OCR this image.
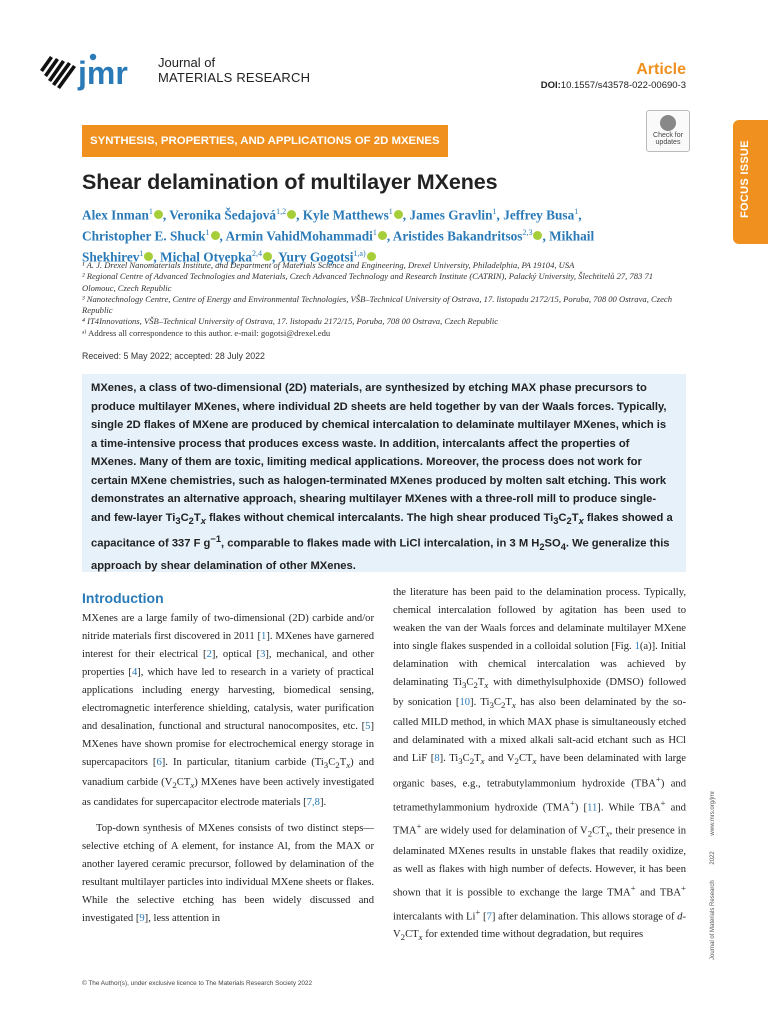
jmr Journal of
MATERIALS RESEARCH	Article
DOI:10.1557/s43578-022-00690-3
SYNTHESIS, PROPERTIES, AND APPLICATIONS OF 2D MXENES	Check for
updates	FOCUS ISSUE
Shear delamination of multilayer MXenes
Alex Inman$^1$ , Veronika Šedajová$^{1,2}$ , Kyle Matthews$^1$ , James Gravlin$^1$, Jeffrey Busa$^1$, Christopher E. Shuck$^1$ , Armin VahidMohammadi$^1$ , Aristides Bakandritsos$^{2,3}$ , Mikhail Shekhirev$^1$ , Michal Otyepka$^{2,4}$ , Yury Gogotsi$^{1,a)}$

¹ A. J. Drexel Nanomaterials Institute, and Department of Materials Science and Engineering, Drexel University, Philadelphia, PA 19104, USA

² Regional Centre of Advanced Technologies and Materials, Czech Advanced Technology and Research Institute (CATRIN), Palacký University, Šlechtitelů 27, 783 71 Olomouc, Czech Republic

³ Nanotechnology Centre, Centre of Energy and Environmental Technologies, VŠB–Technical University of Ostrava, 17. listopadu 2172/15, Poruba, 708 00 Ostrava, Czech Republic

⁴ IT4Innovations, VŠB–Technical University of Ostrava, 17. listopadu 2172/15, Poruba, 708 00 Ostrava, Czech Republic

ᵃ⁾ Address all correspondence to this author. e-mail: gogotsi@drexel.edu

Received: 5 May 2022; accepted: 28 July 2022
MXenes, a class of two-dimensional (2D) materials, are synthesized by etching MAX phase precursors to produce multilayer MXenes, where individual 2D sheets are held together by van der Waals forces. Typically, single 2D flakes of MXene are produced by chemical intercalation to delaminate multilayer MXenes, which is a time-intensive process that produces excess waste. In addition, intercalants affect the properties of MXenes. Many of them are toxic, limiting medical applications. Moreover, the process does not work for certain MXene chemistries, such as halogen-terminated MXenes produced by molten salt etching. This work demonstrates an alternative approach, shearing multilayer MXenes with a three-roll mill to produce single- and few-layer $Ti_3C_2T_x$ flakes without chemical intercalants. The high shear produced $Ti_3C_2T_x$ flakes showed a capacitance of 337 F $g^{-1}$, comparable to flakes made with LiCl intercalation, in 3 M $H_2SO_4$. We generalize this approach by shear delamination of other MXenes.
Introduction

MXenes are a large family of two-dimensional (2D) carbide and/or nitride materials first discovered in 2011 [1]. MXenes have garnered interest for their electrical [2], optical [3], mechanical, and other properties [4], which have led to research in a variety of practical applications including energy harvesting, biomedical sensing, electromagnetic interference shielding, catalysis, water purification and desalination, functional and structural nanocomposites, etc. [5] MXenes have shown promise for electrochemical energy storage in supercapacitors [6]. In particular, titanium carbide $(Ti_3C_2T_x)$ and vanadium carbide $(V_2CT_x)$ MXenes have been actively investigated as candidates for supercapacitor electrode materials [7,8].

Top-down synthesis of MXenes consists of two distinct steps—selective etching of A element, for instance Al, from the MAX or another layered ceramic precursor, followed by delamination of the resultant multilayer particles into individual MXene sheets or flakes. While the selective etching has been widely discussed and investigated [9], less attention in

the literature has been paid to the delamination process. Typically, chemical intercalation followed by agitation has been used to weaken the van der Waals forces and delaminate multilayer MXene into single flakes suspended in a colloidal solution [Fig. 1(a)]. Initial delamination with chemical intercalation was achieved by delaminating $Ti_3C_2T_x$ with dimethylsulphoxide (DMSO) followed by sonication [10]. $Ti_3C_2T_x$ has also been delaminated by the so-called MILD method, in which MAX phase is simultaneously etched and delaminated with a mixed alkali salt-acid etchant such as HCl and LiF [8]. $Ti_3C_2T_x$ and $V_2CT_x$ have been delaminated with large organic bases, e.g., tetrabutylammonium hydroxide (TBA+) and tetramethylammonium hydroxide (TMA+) [11]. While TBA+ and TMA+ are widely used for delamination of $V_2CT_x$, their presence in delaminated MXenes results in unstable flakes that readily oxidize, as well as flakes with high number of defects. However, it has been shown that it is possible to exchange the large TMA+ and TBA+ intercalants with Li+ [7] after delamination. This allows storage of $d-V_2CT_x$ for extended time without degradation, but requires

© The Author(s), under exclusive licence to The Materials Research Society 2022
Journal of Materials Research 2022 www.mrs.org/jmr
